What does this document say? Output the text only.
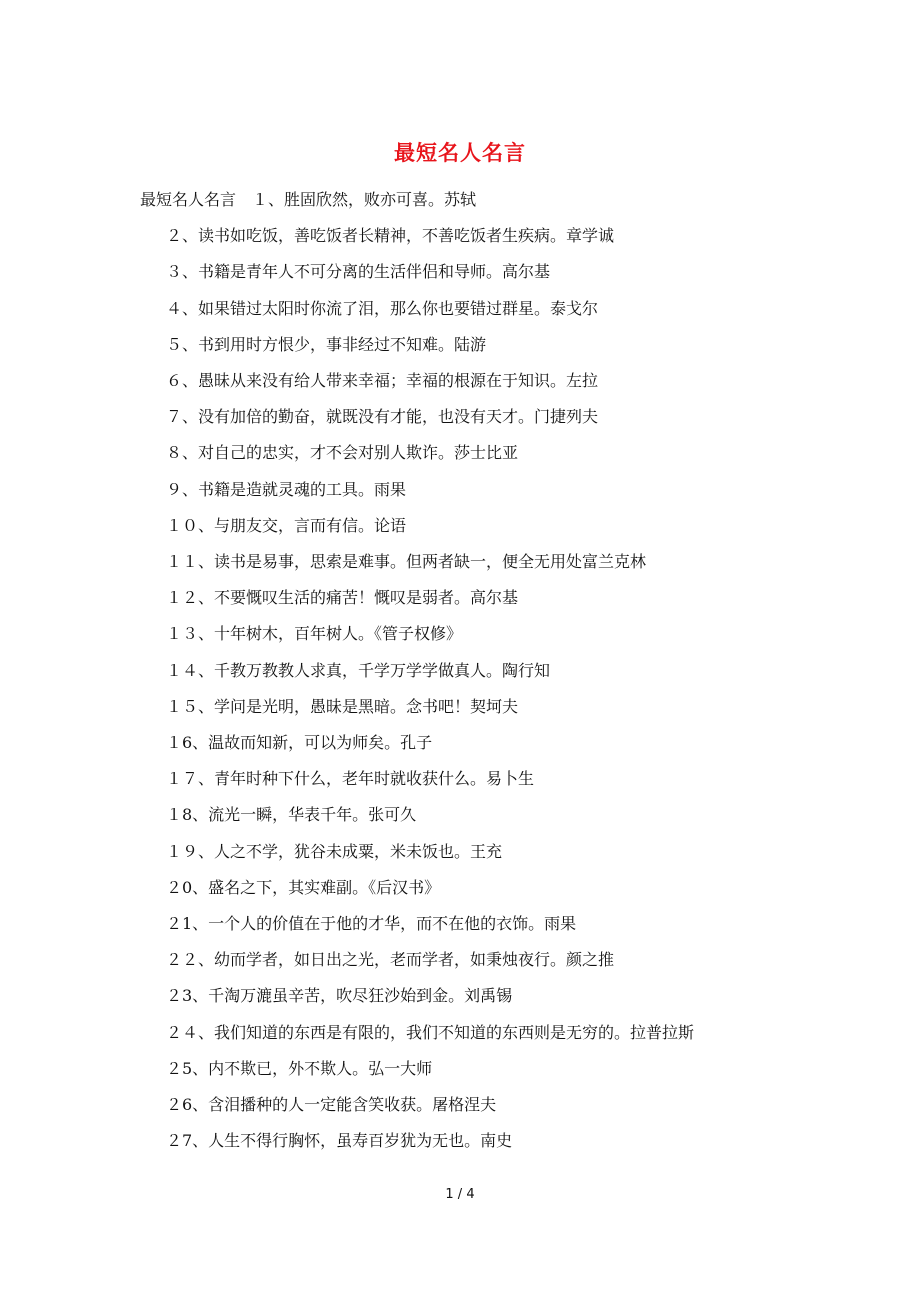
最短名人名言
最短名人名言　１、胜固欣然，败亦可喜。苏轼
２、读书如吃饭，善吃饭者长精神，不善吃饭者生疾病。章学诚
３、书籍是青年人不可分离的生活伴侣和导师。高尔基
４、如果错过太阳时你流了泪，那么你也要错过群星。泰戈尔
５、书到用时方恨少，事非经过不知难。陆游
６、愚昧从来没有给人带来幸福；幸福的根源在于知识。左拉
７、没有加倍的勤奋，就既没有才能，也没有天才。门捷列夫
８、对自己的忠实，才不会对别人欺诈。莎士比亚
９、书籍是造就灵魂的工具。雨果
１０、与朋友交，言而有信。论语
１１、读书是易事，思索是难事。但两者缺一，便全无用处富兰克林
１２、不要慨叹生活的痛苦！慨叹是弱者。高尔基
１３、十年树木，百年树人。《管子权修》
１４、千教万教教人求真，千学万学学做真人。陶行知
１５、学问是光明，愚昧是黑暗。念书吧！契坷夫
１6、温故而知新，可以为师矣。孔子
１７、青年时种下什么，老年时就收获什么。易卜生
１8、流光一瞬，华表千年。张可久
１９、人之不学，犹谷未成粟，米未饭也。王充
２0、盛名之下，其实难副。《后汉书》
２1、一个人的价值在于他的才华，而不在他的衣饰。雨果
２２、幼而学者，如日出之光，老而学者，如秉烛夜行。颜之推
２3、千淘万漉虽辛苦，吹尽狂沙始到金。刘禹锡
２４、我们知道的东西是有限的，我们不知道的东西则是无穷的。拉普拉斯
２5、内不欺已，外不欺人。弘一大师
２6、含泪播种的人一定能含笑收获。屠格涅夫
２7、人生不得行胸怀，虽寿百岁犹为无也。南史
1 / 4
